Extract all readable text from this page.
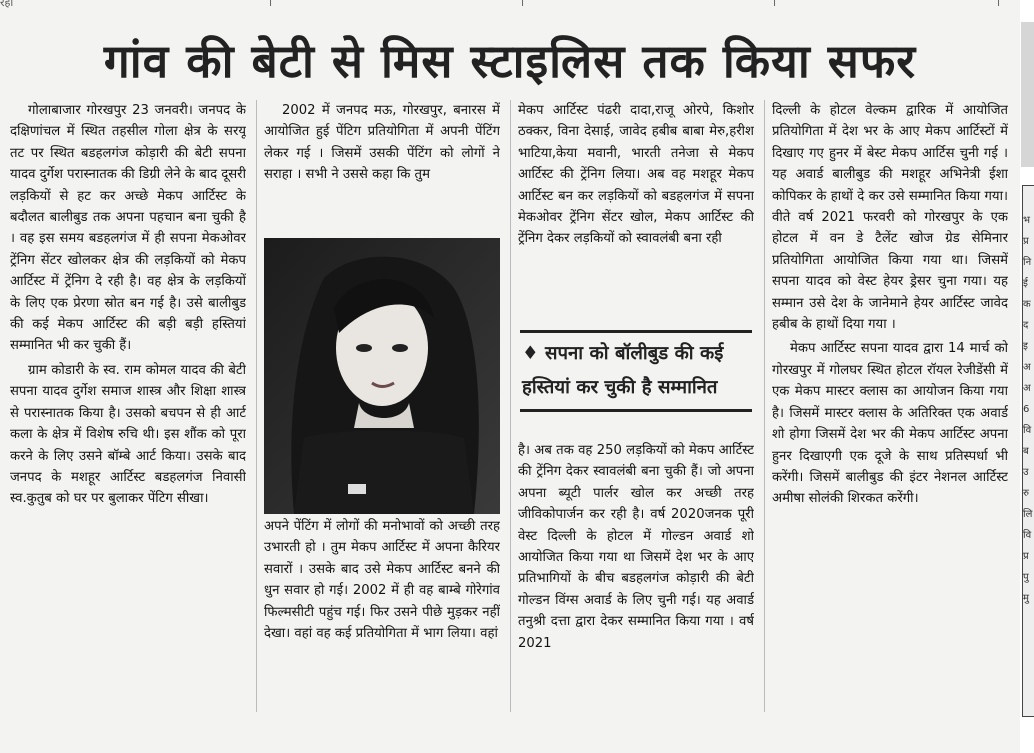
रहा	।	।	।	।
गांव की बेटी से मिस स्टाइलिस तक किया सफर

गोलाबाजार गोरखपुर 23 जनवरी। जनपद के दक्षिणांचल में स्थित तहसील गोला क्षेत्र के सरयू तट पर स्थित बडहलगंज कोड़ारी की बेटी सपना यादव दुर्गेश परास्नातक की डिग्री लेने के बाद दूसरी लड़कियों से हट कर अच्छे मेकप आर्टिस्ट के बदौलत बालीबुड तक अपना पहचान बना चुकी है । वह इस समय बडहलगंज में ही सपना मेकओवर ट्रेंनिग सेंटर खोलकर क्षेत्र की लड़कियों को मेकप आर्टिस्ट में ट्रेंनिग दे रही है। वह क्षेत्र के लड़कियों के लिए एक प्रेरणा स्रोत बन गई है। उसे बालीबुड की कई मेकप आर्टिस्ट की बड़ी बड़ी हस्तियां सम्मानित भी कर चुकी हैं।

ग्राम कोडारी के स्व. राम कोमल यादव की बेटी सपना यादव दुर्गेश समाज शास्त्र और शिक्षा शास्त्र से परास्नातक किया है। उसको बचपन से ही आर्ट कला के क्षेत्र में विशेष रुचि थी। इस शौंक को पूरा करने के लिए उसने बॉम्बे आर्ट किया। उसके बाद जनपद के मशहूर आर्टिस्ट बडहलगंज निवासी स्व.कुतुब को घर पर बुलाकर पेंटिग सीखा।

2002 में जनपद मऊ, गोरखपुर, बनारस में आयोजित हुई पेंटिग प्रतियोगिता में अपनी पेंटिंग लेकर गई । जिसमें उसकी पेंटिंग को लोगों ने सराहा । सभी ने उससे कहा कि तुम

अपने पेंटिंग में लोगों की मनोभावों को अच्छी तरह उभारती हो । तुम मेकप आर्टिस्ट में अपना कैरियर सवारों । उसके बाद उसे मेकप आर्टिस्ट बनने की धुन सवार हो गई। 2002 में ही वह बाम्बे गोरेगांव फिल्मसीटी पहुंच गई। फिर उसने पीछे मुड़कर नहीं देखा। वहां वह कई प्रतियोगिता में भाग लिया। वहां

मेकप आर्टिस्ट पंढरी दादा,राजू ओरपे, किशोर ठक्कर, विना देसाई, जावेद हबीब बाबा मेरु,हरीश भाटिया,केया मवानी, भारती तनेजा से मेकप आर्टिस्ट की ट्रेंनिग लिया। अब वह मशहूर मेकप आर्टिस्ट बन कर लड़कियों को बडहलगंज में सपना मेकओवर ट्रेंनिग सेंटर खोल, मेकप आर्टिस्ट की ट्रेंनिग देकर लड़कियों को स्वावलंबी बना रही

♦ सपना को बॉलीबुड की कई हस्तियां कर चुकी है सम्मानित

है। अब तक वह 250 लड़कियों को मेकप आर्टिस्ट की ट्रेंनिग देकर स्वावलंबी बना चुकी हैं। जो अपना अपना ब्यूटी पार्लर खोल कर अच्छी तरह जीविकोपार्जन कर रही है। वर्ष 2020जनक पूरी वेस्ट दिल्ली के होटल में गोल्डन अवार्ड शो आयोजित किया गया था जिसमें देश भर के आए प्रतिभागियों के बीच बडहलगंज कोड़ारी की बेटी गोल्डन विंग्स अवार्ड के लिए चुनी गई। यह अवार्ड तनुश्री दत्ता द्वारा देकर सम्मानित किया गया । वर्ष 2021

दिल्ली के होटल वेल्कम द्वारिक में आयोजित प्रतियोगिता में देश भर के आए मेकप आर्टिस्टों में दिखाए गए हुनर में बेस्ट मेकप आर्टिस चुनी गई । यह अवार्ड बालीबुड की मशहूर अभिनेत्री ईशा कोपिकर के हाथों दे कर उसे सम्मानित किया गया। वीते वर्ष 2021 फरवरी को गोरखपुर के एक होटल में वन डे टैलेंट खोज ग्रेड सेमिनार प्रतियोगिता आयोजित किया गया था। जिसमें सपना यादव को वेस्ट हेयर ड्रेसर चुना गया। यह सम्मान उसे देश के जानेमाने हेयर आर्टिस्ट जावेद हबीब के हाथों दिया गया ।

मेकप आर्टिस्ट सपना यादव द्वारा 14 मार्च को गोरखपुर में गोलघर स्थित होटल रॉयल रेजीडेंसी में एक मेकप मास्टर क्लास का आयोजन किया गया है। जिसमें मास्टर क्लास के अतिरिक्त एक अवार्ड शो होगा जिसमें देश भर की मेकप आर्टिस्ट अपना हुनर दिखाएगी एक दूजे के साथ प्रतिस्पर्धा भी करेंगी। जिसमें बालीबुड की इंटर नेशनल आर्टिस्ट अमीषा सोलंकी शिरकत करेंगी।

भ
प्र
नि
ई
क
द
इ
अ
अ
6
वि
ब
उ
रु
लि
वि
प्र
पु
मु
